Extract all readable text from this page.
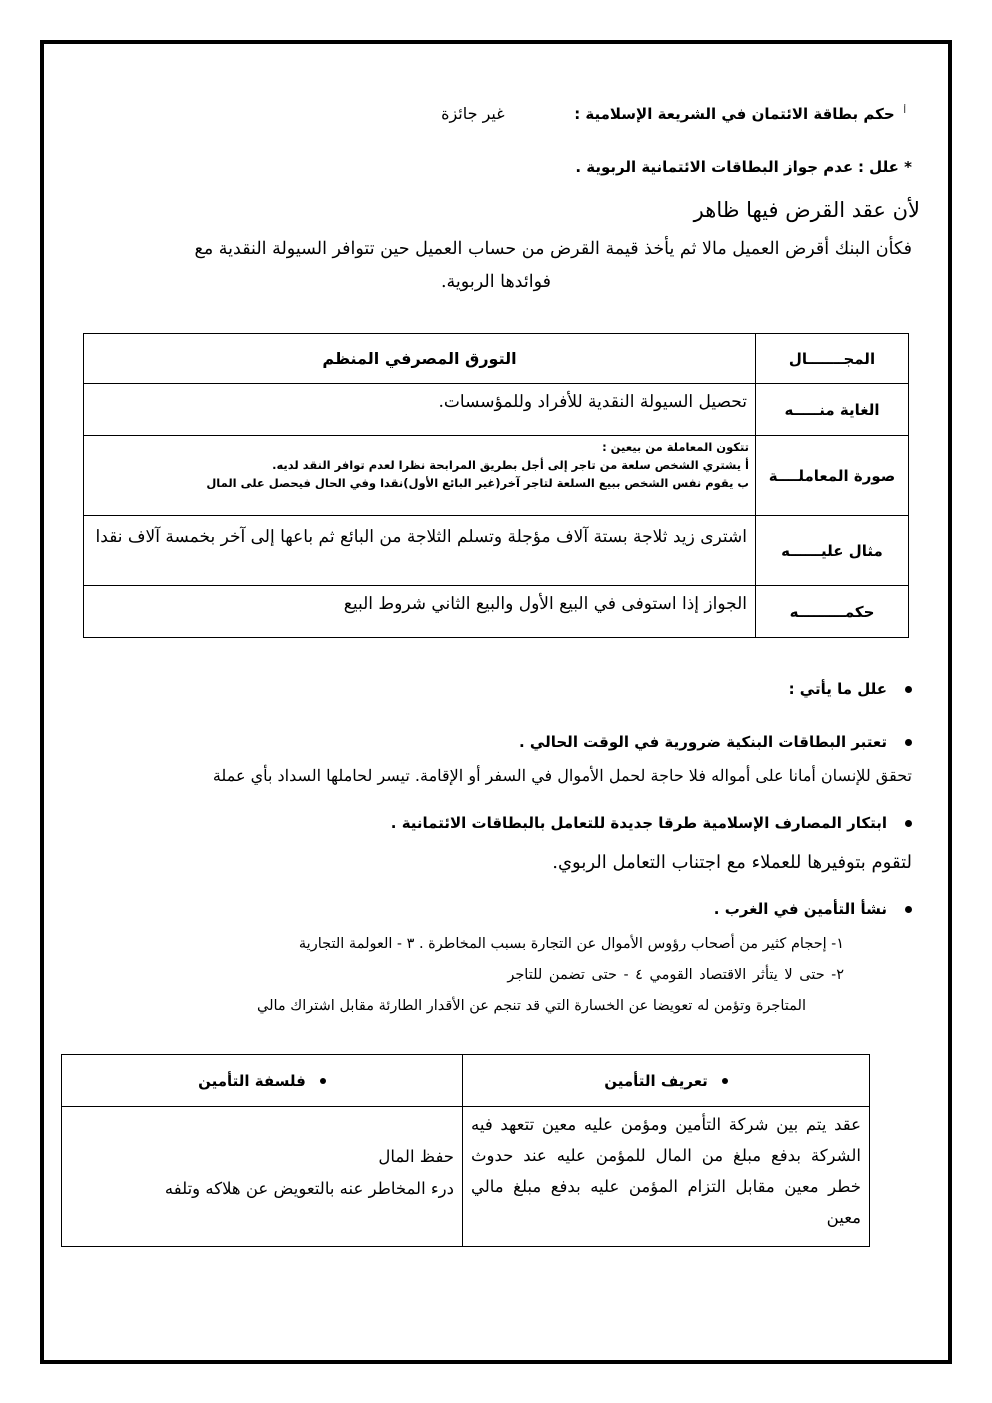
$^أ$ حكم بطاقة الائتمان في الشريعة الإسلامية :  غير جائزة
* علل : عدم جواز البطاقات الائتمانية الربوية .
لأن عقد القرض فيها ظاهر
فكأن البنك أقرض العميل مالا ثم يأخذ قيمة القرض من حساب العميل حين تتوافر السيولة النقدية مع
فوائدها الربوية.
المجـــــــال	التورق المصرفي المنظم
الغاية منـــــه	تحصيل السيولة النقدية للأفراد وللمؤسسات.
صورة المعاملــــة	تتكون المعاملة من بيعين :
أ يشتري الشخص سلعة من تاجر إلى أجل بطريق المرابحة نظرا لعدم توافر النقد لديه.
ب يقوم نفس الشخص ببيع السلعة لتاجر آخر(غير البائع الأول)نقدا وفي الحال فيحصل على المال

مثال عليــــــه	اشترى زيد ثلاجة بستة آلاف مؤجلة وتسلم الثلاجة من البائع ثم باعها إلى آخر بخمسة آلاف نقدا
حكمـــــــــه	الجواز إذا استوفى في البيع الأول والبيع الثاني شروط البيع
علل ما يأتي :
تعتبر البطاقات البنكية ضرورية في الوقت الحالي .
تحقق للإنسان أمانا على أمواله فلا حاجة لحمل الأموال في السفر أو الإقامة. تيسر لحاملها السداد بأي عملة
ابتكار المصارف الإسلامية طرقا جديدة للتعامل بالبطاقات الائتمانية .
لتقوم بتوفيرها للعملاء مع اجتناب التعامل الربوي.
نشأ التأمين في الغرب .
١- إحجام كثير من أصحاب رؤوس الأموال عن التجارة بسبب المخاطرة . ٣ - العولمة التجارية
٢- حتى لا يتأثر الاقتصاد القومي ٤ - حتى تضمن للتاجر
المتاجرة وتؤمن له تعويضا عن الخسارة التي قد تنجم عن الأقدار الطارئة مقابل اشتراك مالي
تعريف التأمين	فلسفة التأمين
عقد يتم بين شركة التأمين ومؤمن عليه معين تتعهد فيه الشركة بدفع مبلغ من المال للمؤمن عليه عند حدوث خطر معين مقابل التزام المؤمن عليه بدفع مبلغ مالي معين	حفظ المال
درء المخاطر عنه بالتعويض عن هلاكه وتلفه
